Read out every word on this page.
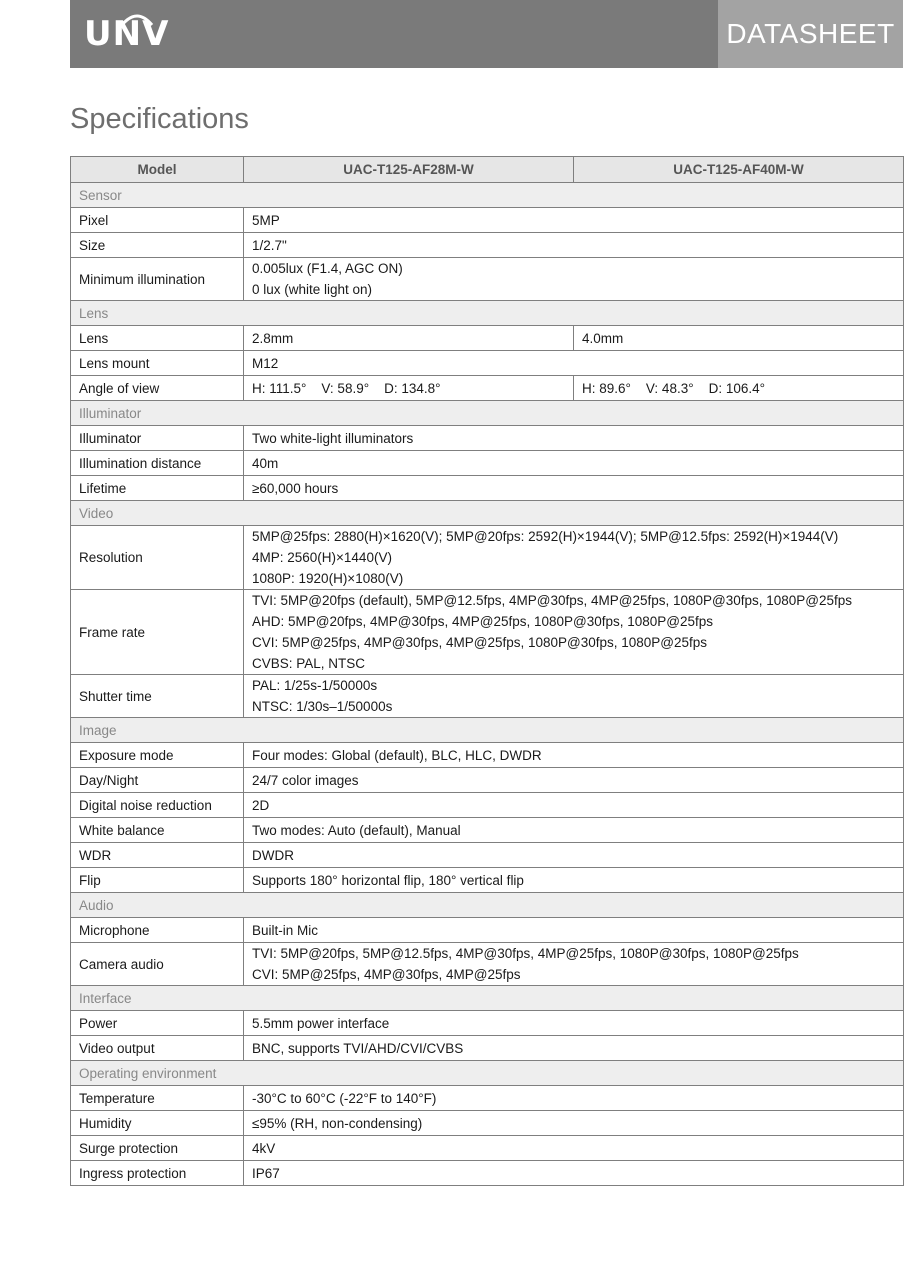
UNV	DATASHEET
Specifications
Model	UAC-T125-AF28M-W	UAC-T125-AF40M-W
Sensor		
Pixel	5MP	
Size	1/2.7"	
Minimum illumination	0.005lux (F1.4, AGC ON)
0 lux (white light on)	

Lens		
Lens	2.8mm	4.0mm
Lens mount	M12	
Angle of view	H: 111.5°    V: 58.9°    D: 134.8°	H: 89.6°    V: 48.3°    D: 106.4°
Illuminator		
Illuminator	Two white-light illuminators	
Illumination distance	40m	
Lifetime	≥60,000 hours	
Video		
Resolution	5MP@25fps: 2880(H)×1620(V); 5MP@20fps: 2592(H)×1944(V); 5MP@12.5fps: 2592(H)×1944(V)
4MP: 2560(H)×1440(V)
1080P: 1920(H)×1080(V)	

Frame rate	TVI: 5MP@20fps (default), 5MP@12.5fps, 4MP@30fps, 4MP@25fps, 1080P@30fps, 1080P@25fps
AHD: 5MP@20fps, 4MP@30fps, 4MP@25fps, 1080P@30fps, 1080P@25fps
CVI: 5MP@25fps, 4MP@30fps, 4MP@25fps, 1080P@30fps, 1080P@25fps
CVBS: PAL, NTSC	

Shutter time	PAL: 1/25s-1/50000s
NTSC: 1/30s–1/50000s	

Image		
Exposure mode	Four modes: Global (default), BLC, HLC, DWDR	
Day/Night	24/7 color images	
Digital noise reduction	2D	
White balance	Two modes: Auto (default), Manual	
WDR	DWDR	
Flip	Supports 180° horizontal flip, 180° vertical flip	
Audio		
Microphone	Built-in Mic	
Camera audio	TVI: 5MP@20fps, 5MP@12.5fps, 4MP@30fps, 4MP@25fps, 1080P@30fps, 1080P@25fps
CVI: 5MP@25fps, 4MP@30fps, 4MP@25fps	

Interface		
Power	5.5mm power interface	
Video output	BNC, supports TVI/AHD/CVI/CVBS	
Operating environment		
Temperature	-30°C to 60°C (-22°F to 140°F)	
Humidity	≤95% (RH, non-condensing)	
Surge protection	4kV	
Ingress protection	IP67	
